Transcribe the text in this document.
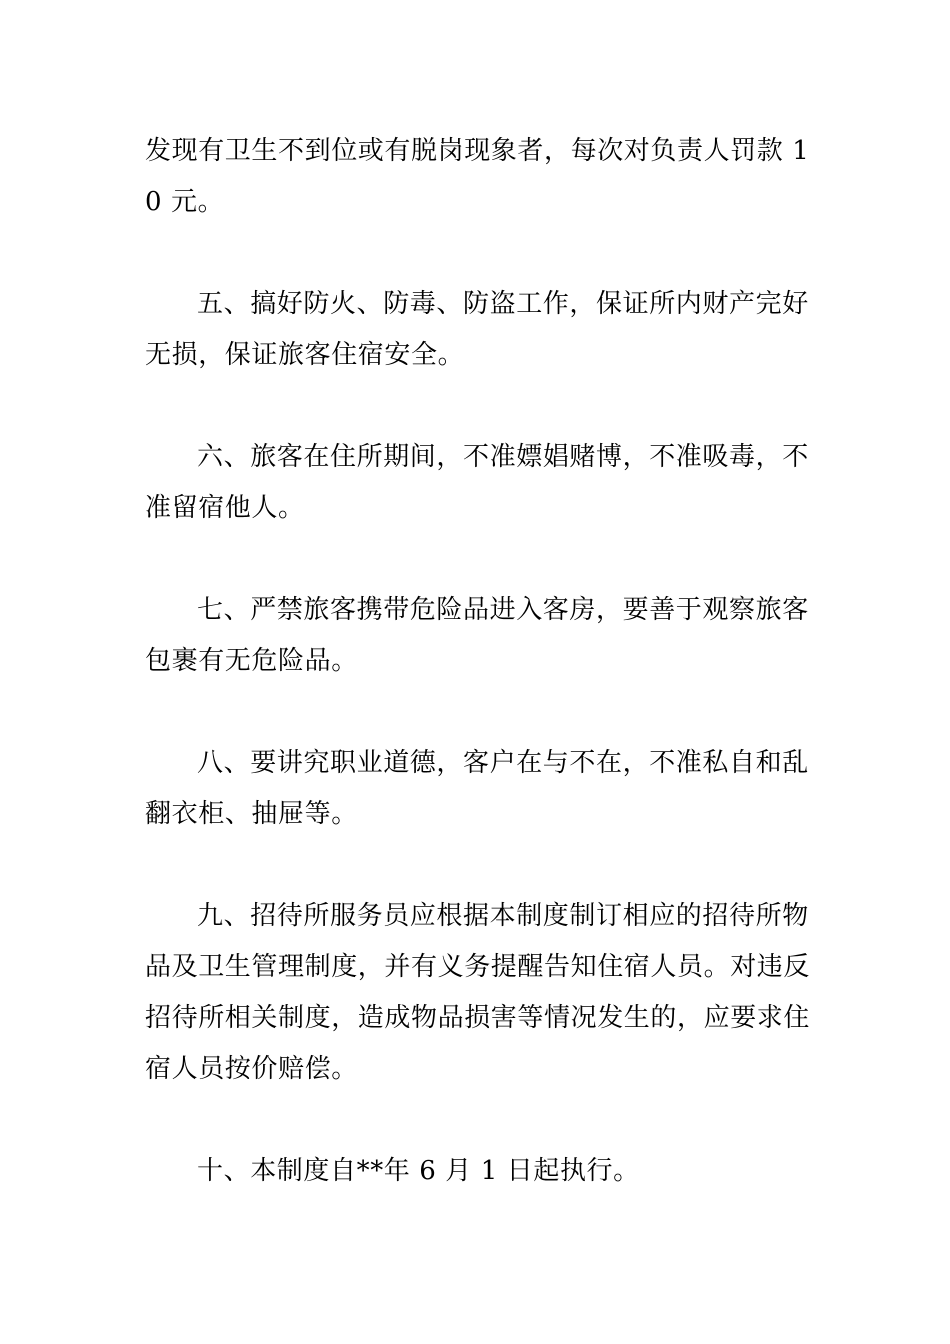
发现有卫生不到位或有脱岗现象者，每次对负责人罚款 10 元。

五、搞好防火、防毒、防盗工作，保证所内财产完好无损，保证旅客住宿安全。

六、旅客在住所期间，不准嫖娼赌博，不准吸毒，不准留宿他人。

七、严禁旅客携带危险品进入客房，要善于观察旅客包裹有无危险品。

八、要讲究职业道德，客户在与不在，不准私自和乱翻衣柜、抽屉等。

九、招待所服务员应根据本制度制订相应的招待所物品及卫生管理制度，并有义务提醒告知住宿人员。对违反招待所相关制度，造成物品损害等情况发生的，应要求住宿人员按价赔偿。

十、本制度自**年 6 月 1 日起执行。
